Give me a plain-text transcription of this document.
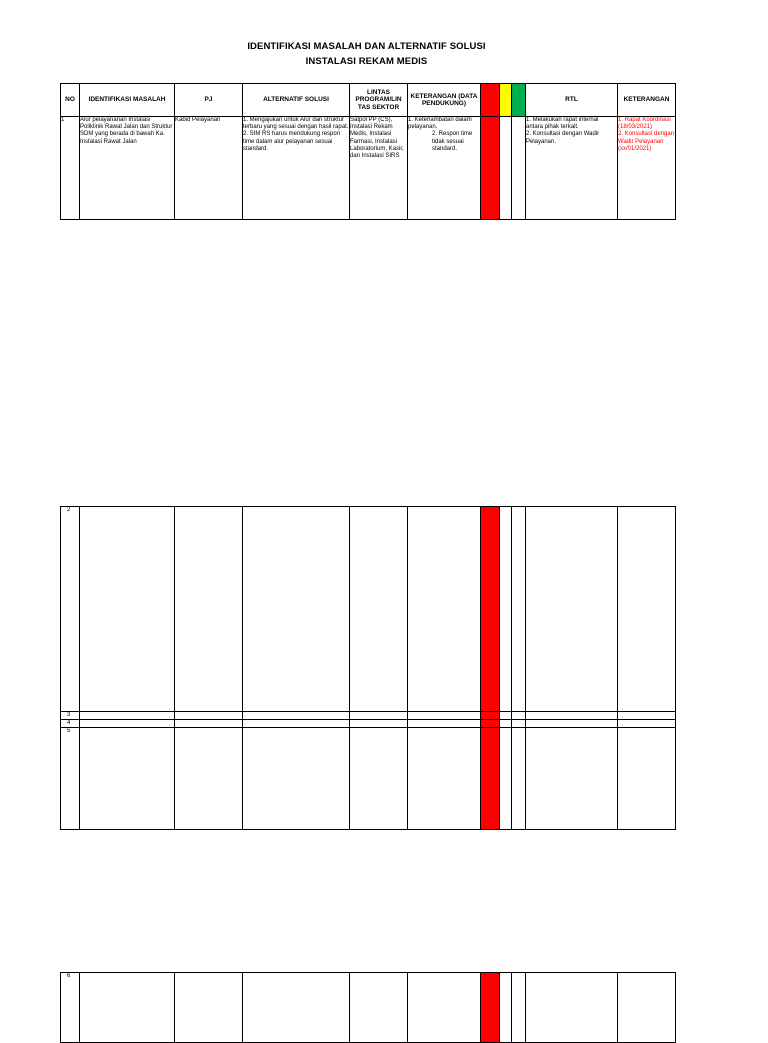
IDENTIFIKASI MASALAH DAN ALTERNATIF SOLUSI
INSTALASI REKAM MEDIS
NO	IDENTIFIKASI MASALAH	PJ	ALTERNATIF SOLUSI	LINTAS PROGRAM/LIN TAS SEKTOR	KETERANGAN (DATA PENDUKUNG)				RTL	KETERANGAN
1	Alur pelayananan Instalasi Poliklinik Rawat Jalan dan Struktur SDM yang berada di bawah Ka. Instalasi Rawat Jalan	Kabid Pelayanan	1. Mengajukan untuk Alur dan struktur terbaru yang sesuai dengan hasil rapat.
2. SIM RS harus mendukung respon time dalam alur pelayanan sesuai standard.	Satpol PP (CS), Instalasi Rekam Medis, Instalasi Farmasi, Instalasi Laboratorium, Kasir, dan Instalasi SIRS	1. Keterlambatan dalam pelayanan.
2. Respon time tidak sesuai standard.				1. Melakukan rapat internal antara pihak terkait.
2. Konsultasi dengan Wadir Pelayanan.	1. Rapat Koordinasi (18/03/2021)
2. Konsultasi dengan Wadir Pelayanan (xx/01/2021)
2										
3										
4										
5										
6										
